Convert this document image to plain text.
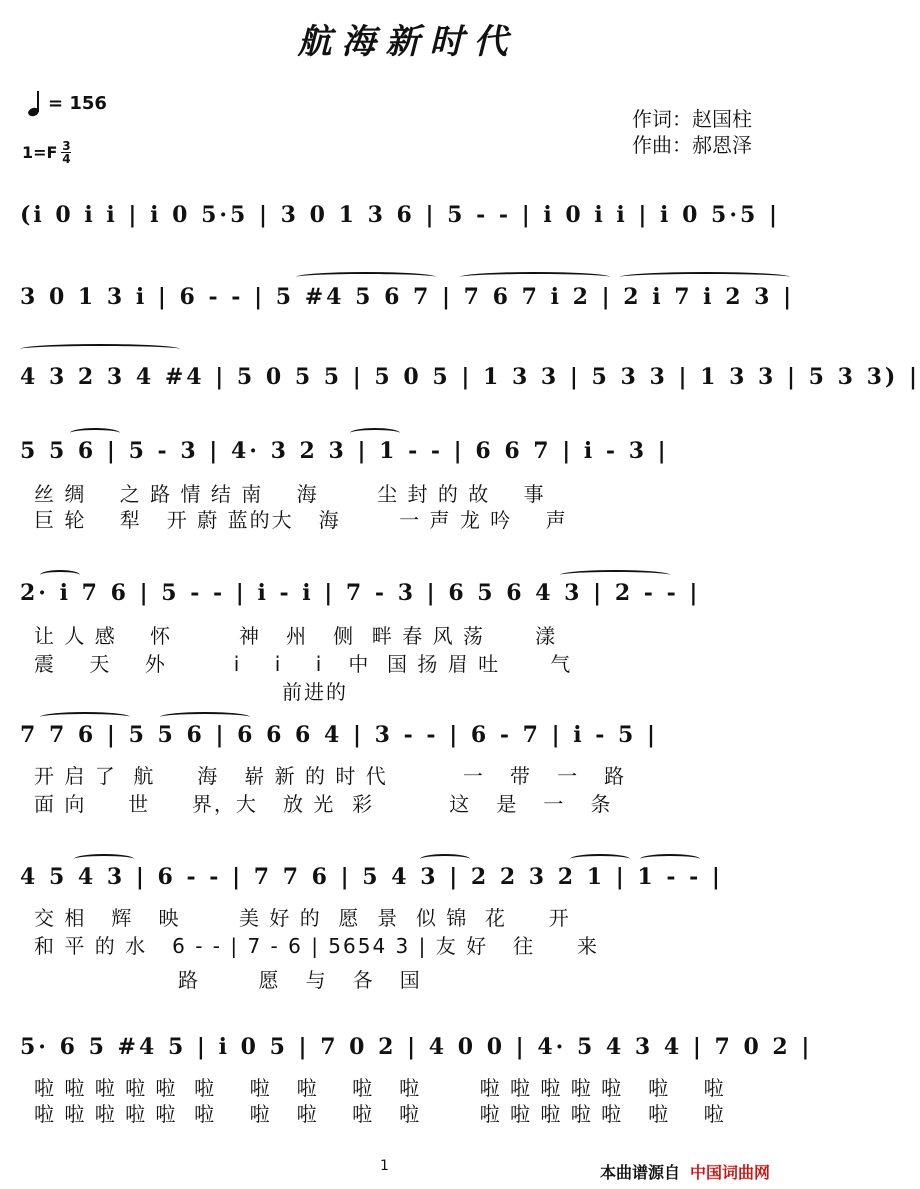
航海新时代
= 156
$1=F \frac{3}{4}$
作词：赵国柱
作曲：郝恩泽
(i 0 i i | i 0 5·5 | 3 0 1 3 6 | 5 - - | i 0 i i | i 0 5·5 |
3 0 1 3 i | 6 - - | 5 #4 5 6 7 | 7 6 7 i 2 | 2 i 7 i 2 3 |

4 3 2 3 4 #4 | 5 0 5 5 | 5 0 5 | 1 3 3 | 5 3 3 | 1 3 3 | 5 3 3) |

5 5 6 | 5 - 3 | 4· 3 2 3 | 1 - - | 6 6 7 | i - 3 |

丝 绸    之 路 情 结 南    海       尘 封 的 故    事
巨 轮    犁   开 蔚 蓝的大   海       一 声 龙 吟    声
2· i 7 6 | 5 - - | i - i | 7 - 3 | 6 5 6 4 3 | 2 - - |

让 人 感    怀        神   州   侧  畔 春 风 荡      漾
震    天    外        i    i    i   中  国 扬 眉 吐      气
前进的
7 7 6 | 5 5 6 | 6 6 6 4 | 3 - - | 6 - 7 | i - 5 |

开 启 了  航     海   崭 新 的 时 代         一   带   一   路
面 向     世     界，大   放 光  彩         这   是   一   条
4 5 4 3 | 6 - - | 7 7 6 | 5 4 3 | 2 2 3 2 1 | 1 - - |

交 相   辉   映       美 好 的  愿  景  似 锦  花     开
和 平 的 水   6 - - | 7 - 6 | 5654 3 | 友 好   往     来
路       愿   与   各   国
5· 6 5 #4 5 | i 0 5 | 7 0 2 | 4 0 0 | 4· 5 4 3 4 | 7 0 2 |
啦 啦 啦 啦 啦  啦    啦   啦    啦   啦       啦 啦 啦 啦 啦   啦    啦
啦 啦 啦 啦 啦  啦    啦   啦    啦   啦       啦 啦 啦 啦 啦   啦    啦
1	本曲谱源自 中国词曲网
